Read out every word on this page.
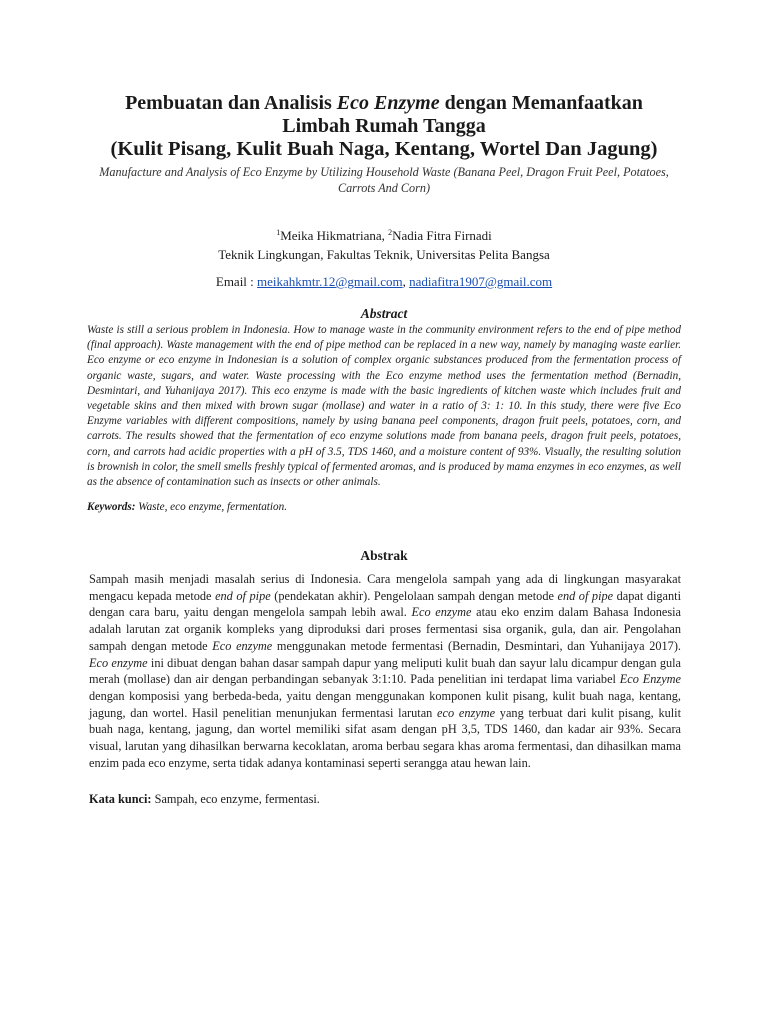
Pembuatan dan Analisis Eco Enzyme dengan Memanfaatkan
Limbah Rumah Tangga
(Kulit Pisang, Kulit Buah Naga, Kentang, Wortel Dan Jagung)
Manufacture and Analysis of Eco Enzyme by Utilizing Household Waste (Banana Peel, Dragon Fruit Peel, Potatoes, Carrots And Corn)
$^1$Meika Hikmatriana, $^2$Nadia Fitra Firnadi
Teknik Lingkungan, Fakultas Teknik, Universitas Pelita Bangsa
Email : meikahkmtr.12@gmail.com, nadiafitra1907@gmail.com
Abstract
Waste is still a serious problem in Indonesia. How to manage waste in the community environment refers to the end of pipe method (final approach). Waste management with the end of pipe method can be replaced in a new way, namely by managing waste earlier. Eco enzyme or eco enzyme in Indonesian is a solution of complex organic substances produced from the fermentation process of organic waste, sugars, and water. Waste processing with the Eco enzyme method uses the fermentation method (Bernadin, Desmintari, and Yuhanijaya 2017). This eco enzyme is made with the basic ingredients of kitchen waste which includes fruit and vegetable skins and then mixed with brown sugar (mollase) and water in a ratio of 3: 1: 10. In this study, there were five Eco Enzyme variables with different compositions, namely by using banana peel components, dragon fruit peels, potatoes, corn, and carrots. The results showed that the fermentation of eco enzyme solutions made from banana peels, dragon fruit peels, potatoes, corn, and carrots had acidic properties with a pH of 3.5, TDS 1460, and a moisture content of 93%. Visually, the resulting solution is brownish in color, the smell smells freshly typical of fermented aromas, and is produced by mama enzymes in eco enzymes, as well as the absence of contamination such as insects or other animals.
Keywords: Waste, eco enzyme, fermentation.
Abstrak
Sampah masih menjadi masalah serius di Indonesia. Cara mengelola sampah yang ada di lingkungan masyarakat mengacu kepada metode end of pipe (pendekatan akhir). Pengelolaan sampah dengan metode end of pipe dapat diganti dengan cara baru, yaitu dengan mengelola sampah lebih awal. Eco enzyme atau eko enzim dalam Bahasa Indonesia adalah larutan zat organik kompleks yang diproduksi dari proses fermentasi sisa organik, gula, dan air. Pengolahan sampah dengan metode Eco enzyme menggunakan metode fermentasi (Bernadin, Desmintari, dan Yuhanijaya 2017). Eco enzyme ini dibuat dengan bahan dasar sampah dapur yang meliputi kulit buah dan sayur lalu dicampur dengan gula merah (mollase) dan air dengan perbandingan sebanyak 3:1:10. Pada penelitian ini terdapat lima variabel Eco Enzyme dengan komposisi yang berbeda-beda, yaitu dengan menggunakan komponen kulit pisang, kulit buah naga, kentang, jagung, dan wortel. Hasil penelitian menunjukan fermentasi larutan eco enzyme yang terbuat dari kulit pisang, kulit buah naga, kentang, jagung, dan wortel memiliki sifat asam dengan pH 3,5, TDS 1460, dan kadar air 93%. Secara visual, larutan yang dihasilkan berwarna kecoklatan, aroma berbau segara khas aroma fermentasi, dan dihasilkan mama enzim pada eco enzyme, serta tidak adanya kontaminasi seperti serangga atau hewan lain.
Kata kunci: Sampah, eco enzyme, fermentasi.
